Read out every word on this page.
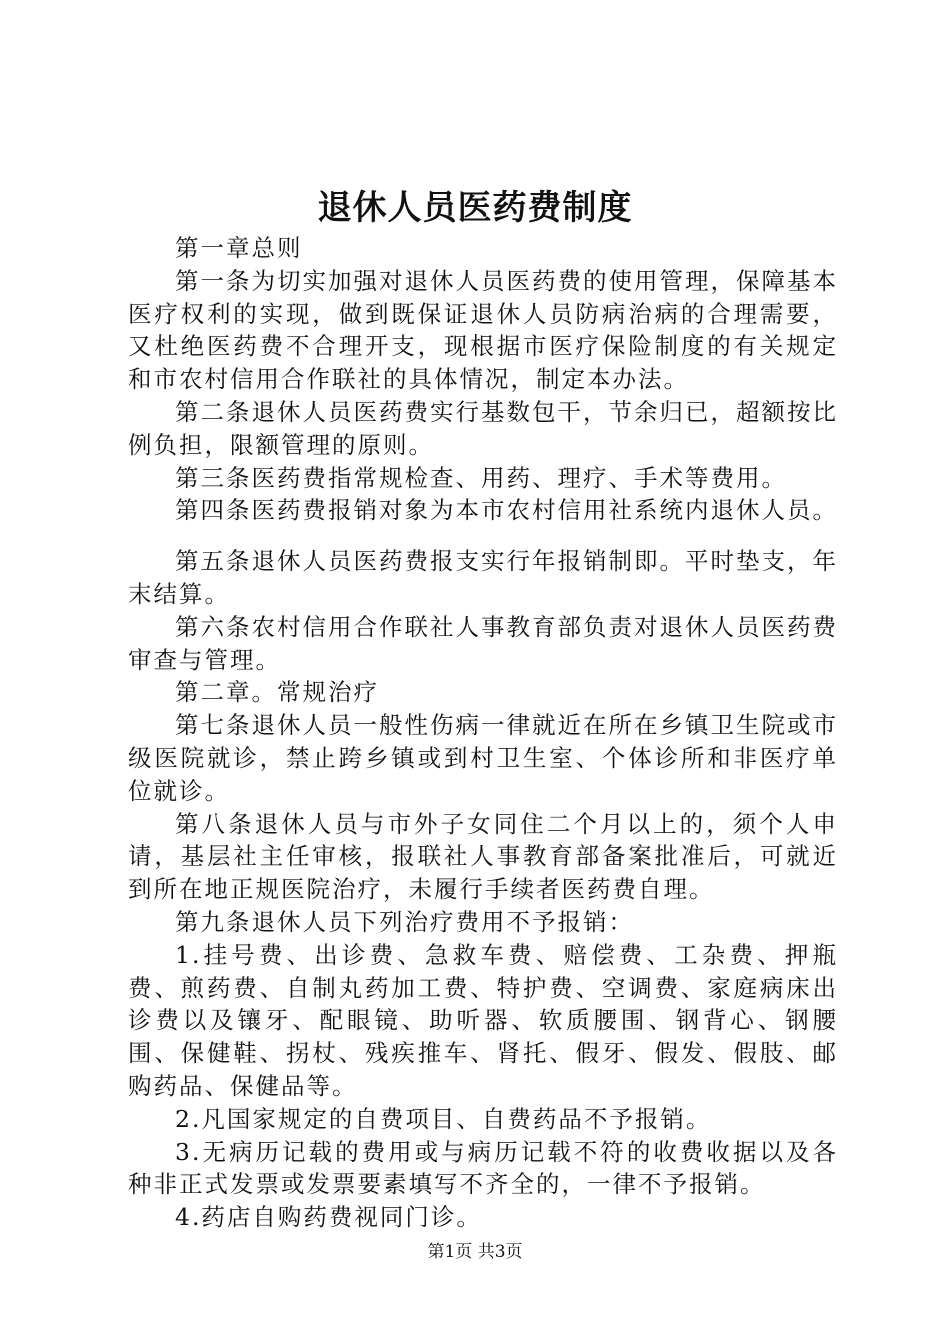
退休人员医药费制度

第一章总则

第一条为切实加强对退休人员医药费的使用管理，保障基本医疗权利的实现，做到既保证退休人员防病治病的合理需要，又杜绝医药费不合理开支，现根据市医疗保险制度的有关规定和市农村信用合作联社的具体情况，制定本办法。

第二条退休人员医药费实行基数包干，节余归已，超额按比例负担，限额管理的原则。

第三条医药费指常规检查、用药、理疗、手术等费用。

第四条医药费报销对象为本市农村信用社系统内退休人员。

第五条退休人员医药费报支实行年报销制即。平时垫支，年末结算。

第六条农村信用合作联社人事教育部负责对退休人员医药费审查与管理。

第二章。常规治疗

第七条退休人员一般性伤病一律就近在所在乡镇卫生院或市级医院就诊，禁止跨乡镇或到村卫生室、个体诊所和非医疗单位就诊。

第八条退休人员与市外子女同住二个月以上的，须个人申请，基层社主任审核，报联社人事教育部备案批准后，可就近到所在地正规医院治疗，未履行手续者医药费自理。

第九条退休人员下列治疗费用不予报销：

1.挂号费、出诊费、急救车费、赔偿费、工杂费、押瓶费、煎药费、自制丸药加工费、特护费、空调费、家庭病床出诊费以及镶牙、配眼镜、助听器、软质腰围、钢背心、钢腰围、保健鞋、拐杖、残疾推车、肾托、假牙、假发、假肢、邮购药品、保健品等。

2.凡国家规定的自费项目、自费药品不予报销。

3.无病历记载的费用或与病历记载不符的收费收据以及各种非正式发票或发票要素填写不齐全的，一律不予报销。

4.药店自购药费视同门诊。

第1页 共3页
